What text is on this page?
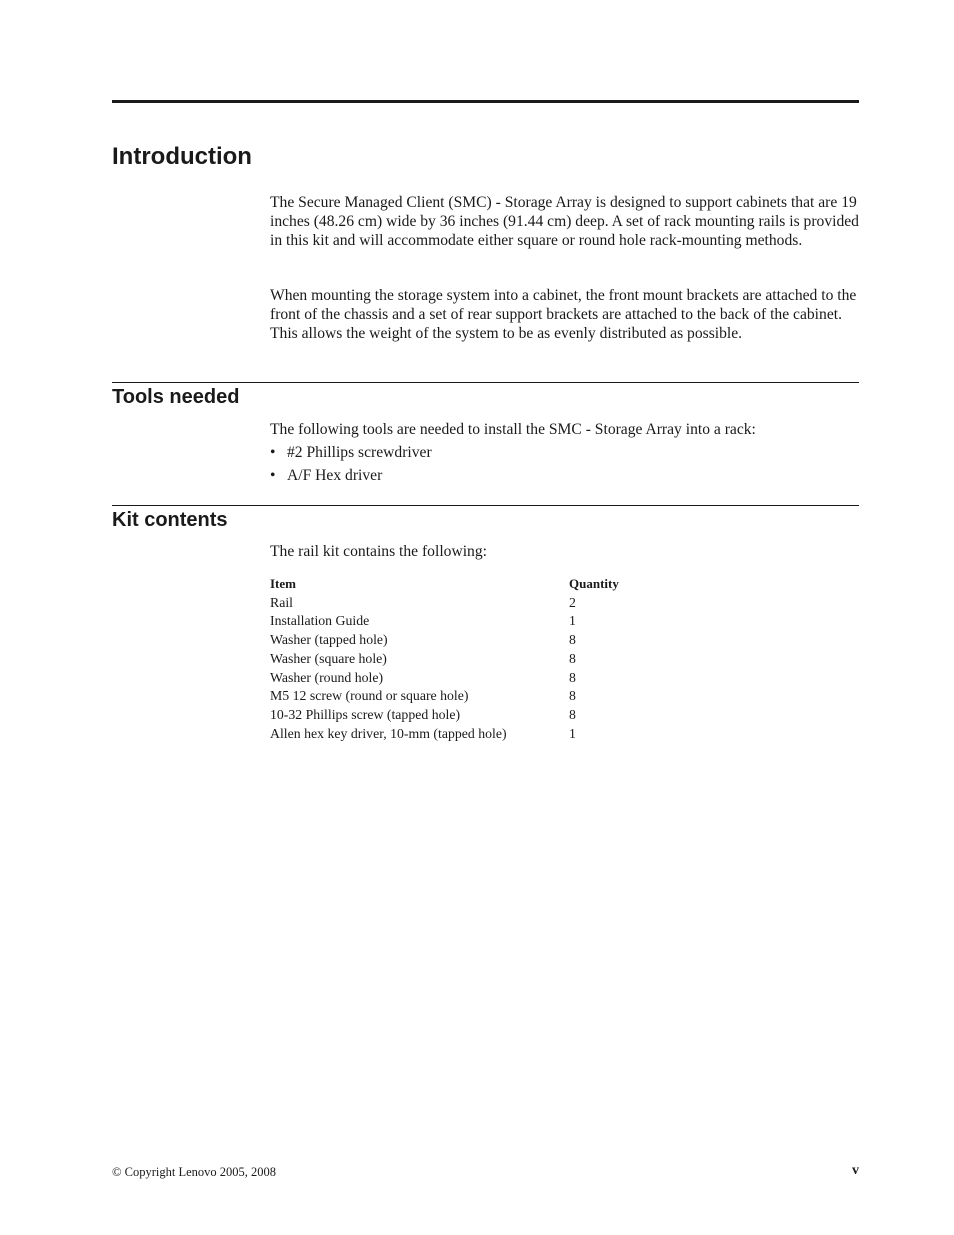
Introduction

The Secure Managed Client (SMC) - Storage Array is designed to support cabinets that are 19 inches (48.26 cm) wide by 36 inches (91.44 cm) deep. A set of rack mounting rails is provided in this kit and will accommodate either square or round hole rack-mounting methods.

When mounting the storage system into a cabinet, the front mount brackets are attached to the front of the chassis and a set of rear support brackets are attached to the back of the cabinet. This allows the weight of the system to be as evenly distributed as possible.

Tools needed

The following tools are needed to install the SMC - Storage Array into a rack:

• #2 Phillips screwdriver
• A/F Hex driver
Kit contents

The rail kit contains the following:

Item	Quantity
Rail	2
Installation Guide	1
Washer (tapped hole)	8
Washer (square hole)	8
Washer (round hole)	8
M5 12 screw (round or square hole)	8
10-32 Phillips screw (tapped hole)	8
Allen hex key driver, 10-mm (tapped hole)	1
© Copyright Lenovo 2005, 2008	v
